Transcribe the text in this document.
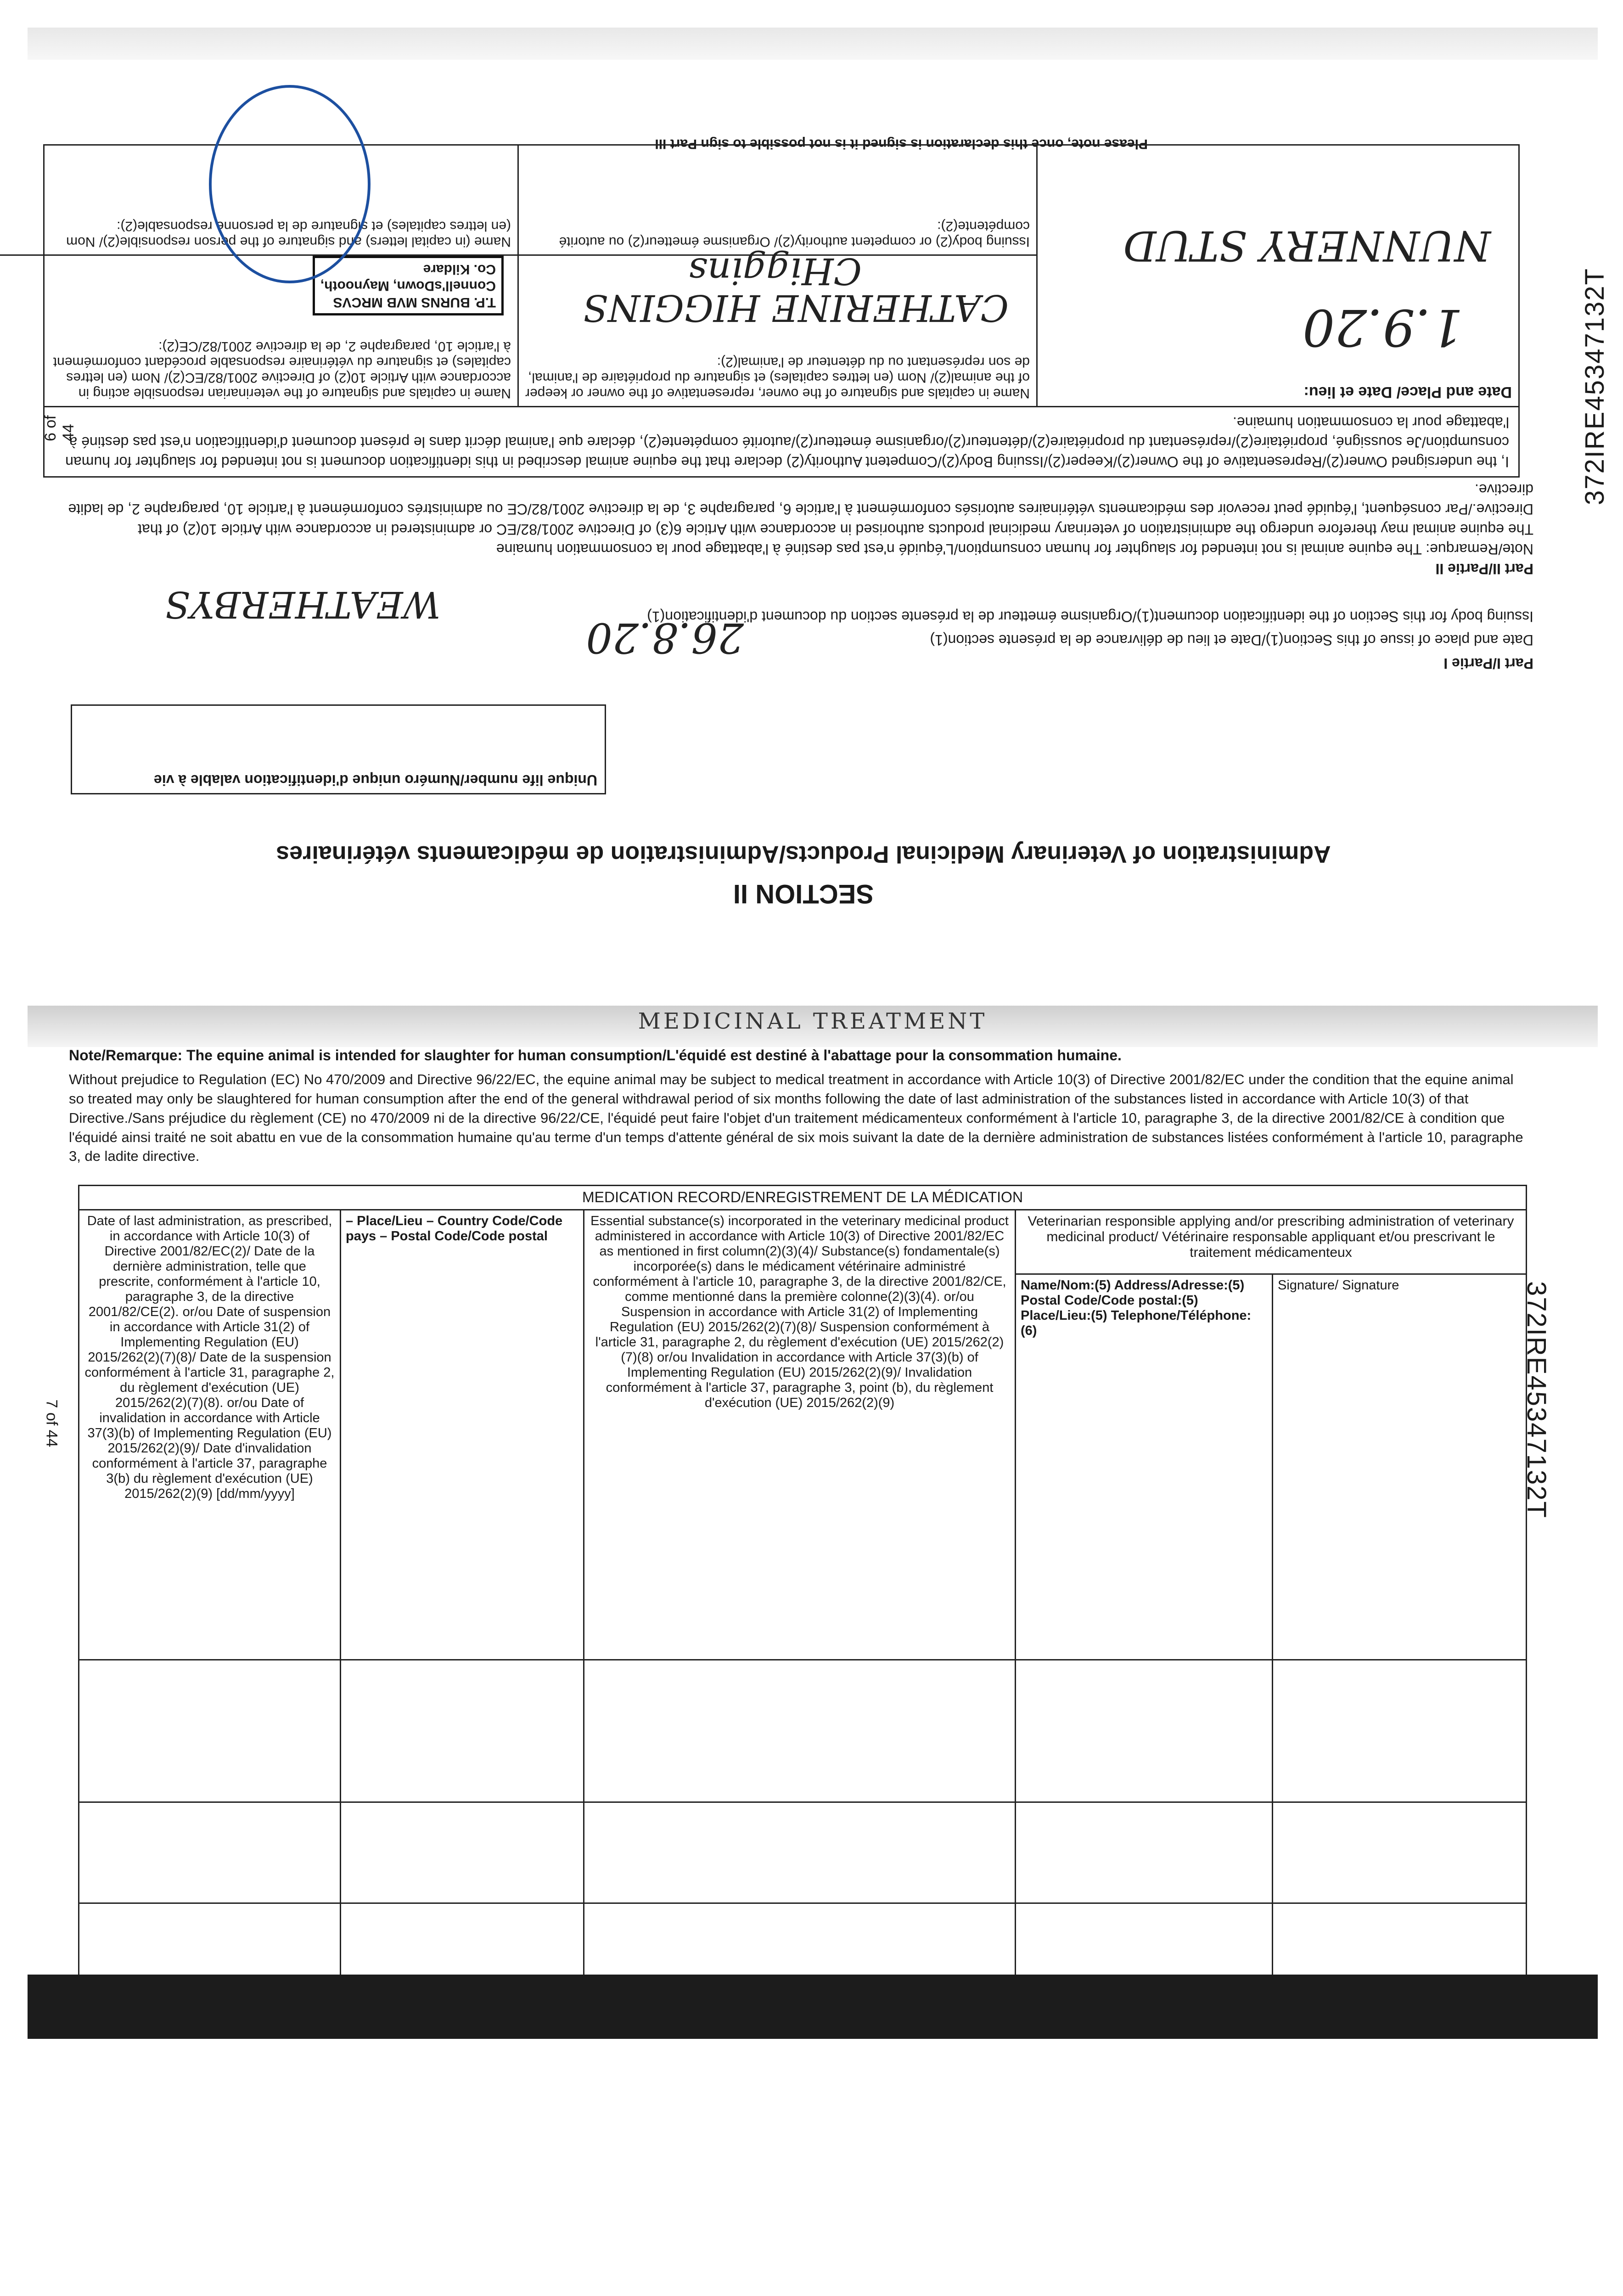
Please note, once this declaration is signed it is not possible to sign Part III
I, the undersigned Owner(2)/Representative of the Owner(2)/Keeper(2)/Issuing Body(2)/Competent Authority(2) declare that the equine animal described in this identification document is not intended for slaughter for human consumption/Je soussigné, propriétaire(2)/représentant du propriétaire(2)/détenteur(2)/organisme émetteur(2)/autorité compétente(2), déclare que l'animal décrit dans le présent document d'identification n'est pas destiné à l'abattage pour la consommation humaine.
Date and Place/ Date et lieu:
1.9.20
NUNNERY STUD
Name in capitals and signature of the owner, representative of the owner or keeper of the animal(2)/ Nom (en lettres capitales) et signature du propriétaire de l'animal, de son représentant ou du détenteur de l'animal(2):
CATHERINE HIGGINS
CHiggins
Name in capitals and signature of the veterinarian responsible acting in accordance with Article 10(2) of Directive 2001/82/EC(2)/ Nom (en lettres capitales) et signature du vétérinaire responsable procédant conformément à l'article 10, paragraphe 2, de la directive 2001/82/CE(2):
T.P. BURNS MVB MRCVS
Connell'sDown, Maynooth,
Co. Kildare
Issuing body(2) or competent authority(2)/ Organisme émetteur(2) ou autorité compétente(2):
Name (in capital letters) and signature of the person responsible(2)/ Nom (en lettres capitales) et signature de la personne responsable(2):
Part II/Partie II
Note/Remarque: The equine animal is not intended for slaughter for human consumption/L'équidé n'est pas destiné à l'abattage pour la consommation humaine
The equine animal may therefore undergo the administration of veterinary medicinal products authorised in accordance with Article 6(3) of Directive 2001/82/EC or administered in accordance with Article 10(2) of that Directive./Par conséquent, l'équidé peut recevoir des médicaments vétérinaires autorisés conformément à l'article 6, paragraphe 3, de la directive 2001/82/CE ou administrés conformément à l'article 10, paragraphe 2, de ladite directive.
Part I/Partie I
Date and place of issue of this Section(1)/Date et lieu de délivrance de la présente section(1)
Issuing body for this Section of the identification document(1)/Organisme émetteur de la présente section du document d'identification(1)
26.8.20
WEATHERBYS
Unique life number/Numéro unique d'identification valable à vie
SECTION II
Administration of Veterinary Medicinal Products/Administration de médicaments vétérinaires
372IRE45347132T
6 of 44
MEDICINAL TREATMENT
Note/Remarque: The equine animal is intended for slaughter for human consumption/L'équidé est destiné à l'abattage pour la consommation humaine.
Without prejudice to Regulation (EC) No 470/2009 and Directive 96/22/EC, the equine animal may be subject to medical treatment in accordance with Article 10(3) of Directive 2001/82/EC under the condition that the equine animal so treated may only be slaughtered for human consumption after the end of the general withdrawal period of six months following the date of last administration of the substances listed in accordance with Article 10(3) of that Directive./Sans préjudice du règlement (CE) no 470/2009 ni de la directive 96/22/CE, l'équidé peut faire l'objet d'un traitement médicamenteux conformément à l'article 10, paragraphe 3, de la directive 2001/82/CE à condition que l'équidé ainsi traité ne soit abattu en vue de la consommation humaine qu'au terme d'un temps d'attente général de six mois suivant la date de la dernière administration de substances listées conformément à l'article 10, paragraphe 3, de ladite directive.
MEDICATION RECORD/ENREGISTREMENT DE LA MÉDICATION
Date of last administration, as prescribed, in accordance with Article 10(3) of Directive 2001/82/EC(2)/ Date de la dernière administration, telle que prescrite, conformément à l'article 10, paragraphe 3, de la directive 2001/82/CE(2). or/ou Date of suspension in accordance with Article 31(2) of Implementing Regulation (EU) 2015/262(2)(7)(8)/ Date de la suspension conformément à l'article 31, paragraphe 2, du règlement d'exécution (UE) 2015/262(2)(7)(8). or/ou Date of invalidation in accordance with Article 37(3)(b) of Implementing Regulation (EU) 2015/262(2)(9)/ Date d'invalidation conformément à l'article 37, paragraphe 3(b) du règlement d'exécution (UE) 2015/262(2)(9) [dd/mm/yyyy]
– Place/Lieu – Country Code/Code pays – Postal Code/Code postal
Essential substance(s) incorporated in the veterinary medicinal product administered in accordance with Article 10(3) of Directive 2001/82/EC as mentioned in first column(2)(3)(4)/ Substance(s) fondamentale(s) incorporée(s) dans le médicament vétérinaire administré conformément à l'article 10, paragraphe 3, de la directive 2001/82/CE, comme mentionné dans la première colonne(2)(3)(4). or/ou Suspension in accordance with Article 31(2) of Implementing Regulation (EU) 2015/262(2)(7)(8)/ Suspension conformément à l'article 31, paragraphe 2, du règlement d'exécution (UE) 2015/262(2)(7)(8) or/ou Invalidation in accordance with Article 37(3)(b) of Implementing Regulation (EU) 2015/262(2)(9)/ Invalidation conformément à l'article 37, paragraphe 3, point (b), du règlement d'exécution (UE) 2015/262(2)(9)
Veterinarian responsible applying and/or prescribing administration of veterinary medicinal product/ Vétérinaire responsable appliquant et/ou prescrivant le traitement médicamenteux
Name/Nom:(5) Address/Adresse:(5) Postal Code/Code postal:(5) Place/Lieu:(5) Telephone/Téléphone:(6)
Signature/ Signature	372IRE45347132T
7 of 44
